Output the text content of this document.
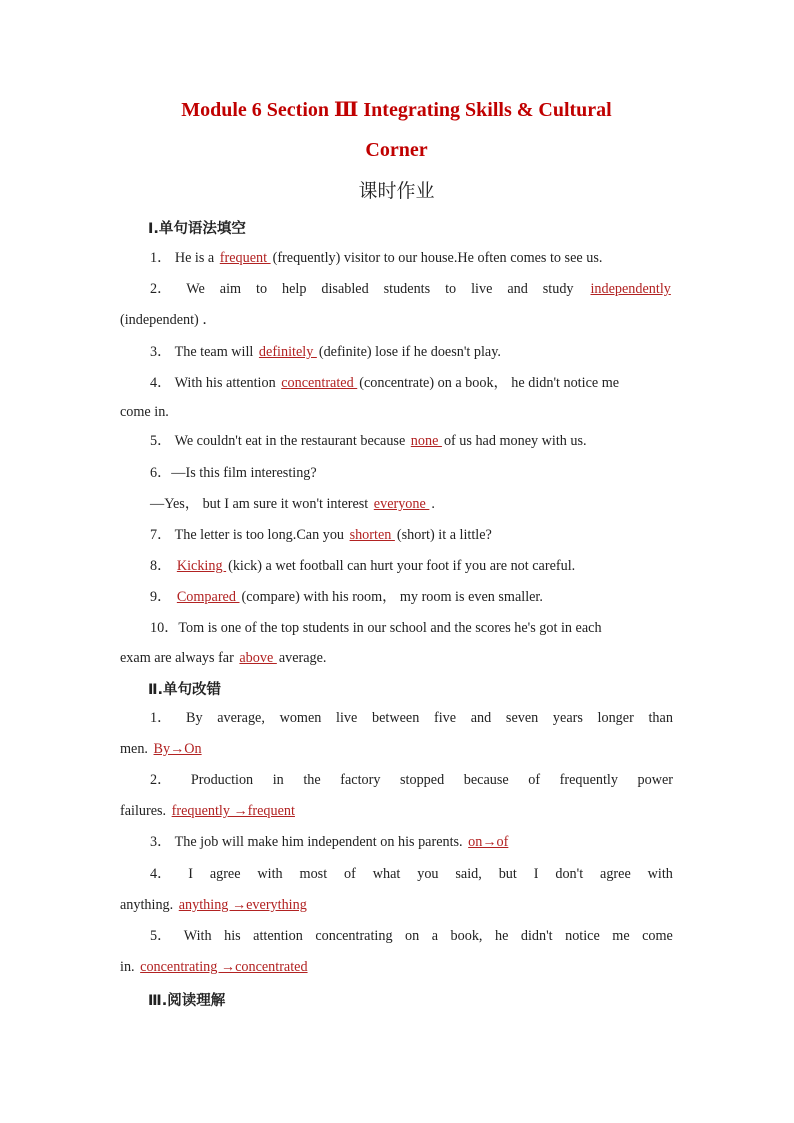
Module 6 Section Ⅲ Integrating Skills & Cultural
Corner
课时作业
Ⅰ.单句语法填空
1． He is a frequent (frequently) visitor to our house.He often comes to see us.
2． We aim to help disabled students to live and study independently
(independent) ．
3． The team will definitely (definite) lose if he doesn't play.
4． With his attention concentrated (concentrate) on a book， he didn't notice me
come in.
5． We couldn't eat in the restaurant because none of us had money with us.
6．—Is this film interesting?
—Yes， but I am sure it won't interest everyone .
7． The letter is too long.Can you shorten (short) it a little?
8． Kicking (kick) a wet football can hurt your foot if you are not careful.
9． Compared (compare) with his room， my room is even smaller.
10．Tom is one of the top students in our school and the scores he's got in each
exam are always far above average.
Ⅱ.单句改错
1． By average, women live between five and seven years longer than
men. By→On
2． Production in the factory stopped because of frequently power
failures. frequently →frequent
3． The job will make him independent on his parents. on→of
4． I agree with most of what you said, but I don't agree with
anything. anything →everything
5． With his attention concentrating on a book, he didn't notice me come
in. concentrating →concentrated
Ⅲ.阅读理解
